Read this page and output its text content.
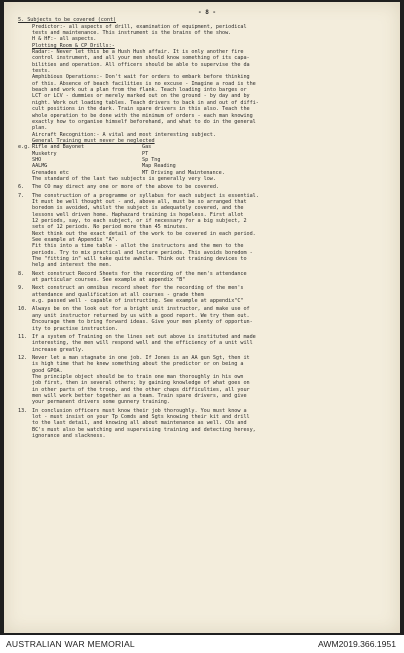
- 8 -
5. Subjects to be covered (cont)
Predictor:- all aspects of drill, examination of equipment, periodical
tests and maintenance. This instrument is the brains of the show.
H & HF:- all aspects.
Plotting Room & CP Drills:-
Radar:- Never let this be a Hush Hush affair. It is only another fire
control instrument, and all your men should know something of its capa-
bilities and operation. All officers should be able to supervise the da
tests.
Amphibious Operations:- Don't wait for orders to embark before thinking
of this. Absence of beach facilities is no excuse - Imagine a road is the
beach and work out a plan from the flank. Teach loading into barges or
LCT or LCV - dummies or merely marked out on the ground - by day and by
night. Work out loading tables. Teach drivers to back in and out of diffi-
cult positions in the dark. Train spare drivers in this also. Teach the
whole operation to be done with the minimum of orders - each man knowing
exactly how to organise himself beforehand, and what to do in the general
plan.
Aircraft Recognition:- A vital and most interesting subject.
General Training must never be neglected
e.g. Rifle and Bayonet	Gas
Musketry	PT
SHO	Sp Tng
AALMG	Map Reading
Grenades etc	MT Driving and Maintenance.
The standard of the last two subjects is generally very low.
6. The CO may direct any one or more of the above to be covered.
7. The construction of a programme or syllabus for each subject is essential.
It must be well thought out - and, above all, must be so arranged that
boredom is avoided, whilst the subject is adequately covered, and the
lessons well driven home. Haphazard training is hopeless. First allot
12 periods, say, to each subject, or if necessary for a big subject, 2
sets of 12 periods. No period more than 45 minutes.
Next think out the exact detail of the work to be covered in each period.
See example at Appendix "A".
Fit this into a time table - allot the instructors and the men to the
periods. Try to mix practical and lecture periods. This avoids boredom -
The "fitting in" will take quite awhile. Think out training devices to
help and interest the men.
8. Next construct Record Sheets for the recording of the men's attendance
at particular courses. See example at appendix "B"
9. Next construct an omnibus record sheet for the recording of the men's
attendance and qualification at all courses - grade them
e.g. passed well - capable of instructing. See example at appendix"C"
10. Always be on the look out for a bright unit instructor, and make use of
any unit instructor returned by us with a good report. We try them out.
Encourage them to bring forward ideas. Give your men plenty of opportun-
ity to practise instruction.
11. If a system of Training on the lines set out above is instituted and made
interesting, the men will respond well and the efficiency of a unit will
increase greatly.
12. Never let a man stagnate in one job. If Jones is an AA gun Sgt, then it
is high time that he knew something about the predictor or on being a
good GPOA.
The principle object should be to train one man thoroughly in his own
job first, then in several others; by gaining knowledge of what goes on
in other parts of the troop, and the other chaps difficulties, all your
men will work better together as a team. Train spare drivers, and give
your permanent drivers some gunnery training.
13. In conclusion officers must know their job thoroughly. You must know a
lot - must insist on your Tp Comds and Sgts knowing their kit and drill
to the last detail, and knowing all about maintenance as well. COs and
BC's must also be watching and supervising training and detecting heresy,
ignorance and slackness.
AUSTRALIAN WAR MEMORIAL	AWM2019.366.1951
